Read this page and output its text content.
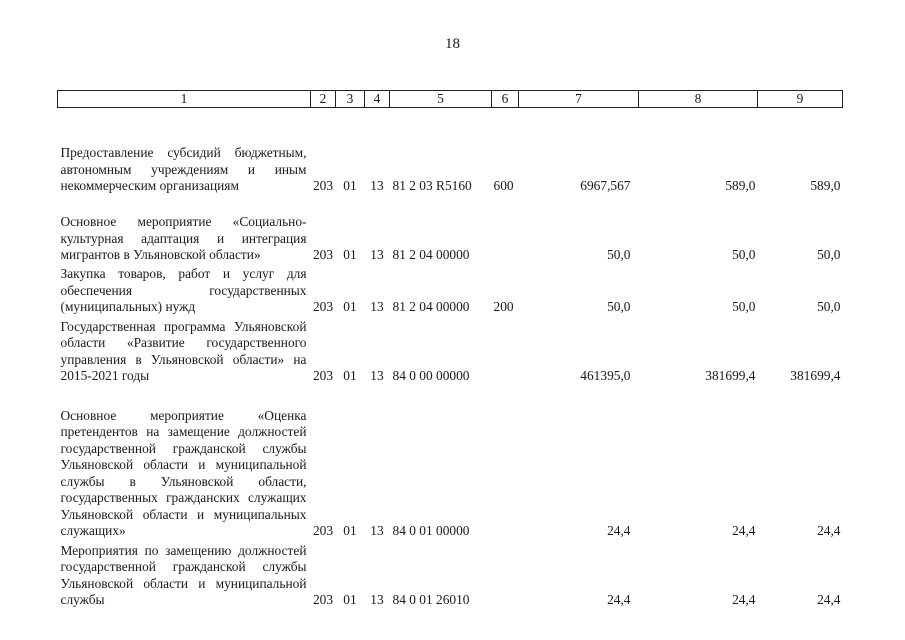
18
1	2	3	4	5	6	7	8	9
Предоставление субсидий бюджетным, автономным учреждениям и иным некоммерческим организациям	203	01	13	81 2 03 R5160	600	6967,567	589,0	589,0
Основное мероприятие «Социально-культурная адаптация и интеграция мигрантов в Ульяновской области»	203	01	13	81 2 04 00000		50,0	50,0	50,0
Закупка товаров, работ и услуг для обеспечения государственных (муниципальных) нужд	203	01	13	81 2 04 00000	200	50,0	50,0	50,0
Государственная программа Ульяновской области «Развитие государственного управления в Ульяновской области» на 2015-2021 годы	203	01	13	84 0 00 00000		461395,0	381699,4	381699,4
Основное мероприятие «Оценка претендентов на замещение должностей государственной гражданской службы Ульяновской области и муниципальной службы в Ульяновской области, государственных гражданских служащих Ульяновской области и муниципальных служащих»	203	01	13	84 0 01 00000		24,4	24,4	24,4
Мероприятия по замещению должностей государственной гражданской службы Ульяновской области и муниципальной службы	203	01	13	84 0 01 26010		24,4	24,4	24,4
